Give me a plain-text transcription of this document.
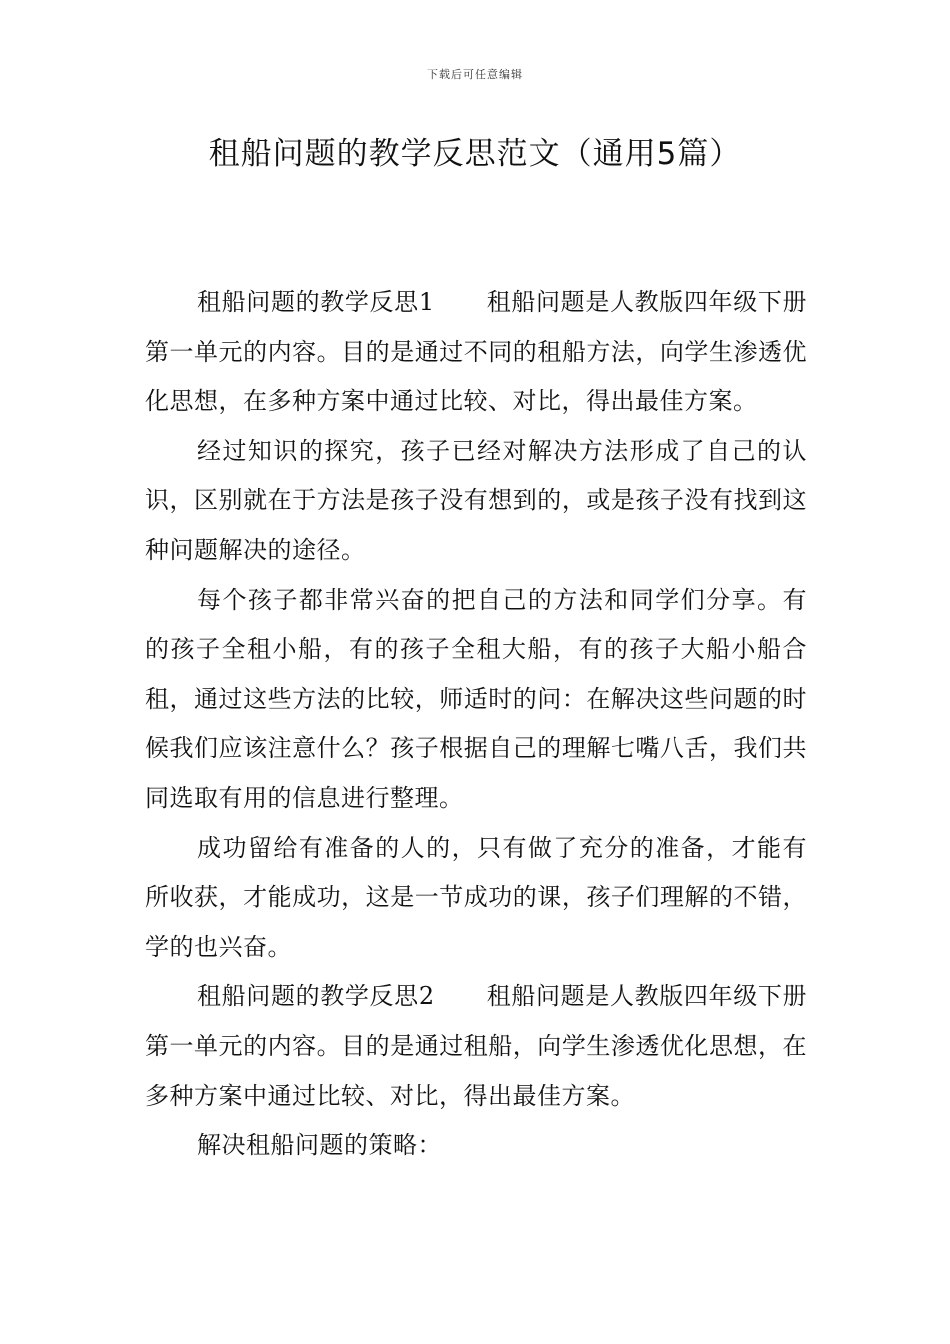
下载后可任意编辑
租船问题的教学反思范文（通用5篇）

租船问题的教学反思1 租船问题是人教版四年级下册第一单元的内容。目的是通过不同的租船方法，向学生渗透优化思想，在多种方案中通过比较、对比，得出最佳方案。

经过知识的探究，孩子已经对解决方法形成了自己的认识，区别就在于方法是孩子没有想到的，或是孩子没有找到这种问题解决的途径。

每个孩子都非常兴奋的把自己的方法和同学们分享。有的孩子全租小船，有的孩子全租大船，有的孩子大船小船合租，通过这些方法的比较，师适时的问：在解决这些问题的时候我们应该注意什么？孩子根据自己的理解七嘴八舌，我们共同选取有用的信息进行整理。

成功留给有准备的人的，只有做了充分的准备，才能有所收获，才能成功，这是一节成功的课，孩子们理解的不错，学的也兴奋。

租船问题的教学反思2 租船问题是人教版四年级下册第一单元的内容。目的是通过租船，向学生渗透优化思想，在多种方案中通过比较、对比，得出最佳方案。

解决租船问题的策略：
